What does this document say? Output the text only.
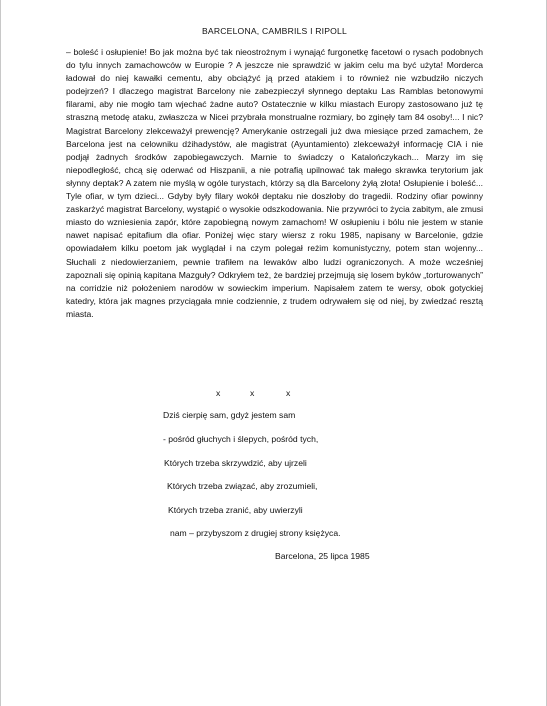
BARCELONA, CAMBRILS I RIPOLL

– boleść i osłupienie! Bo jak można być tak nieostrożnym i wynająć furgonetkę facetowi o rysach podobnych do tylu innych zamachowców w Europie ? A jeszcze nie sprawdzić w jakim celu ma być użyta! Morderca ładował do niej kawałki cementu, aby obciążyć ją przed atakiem i to również nie wzbudziło niczych podejrzeń? I dlaczego magistrat Barcelony nie zabezpieczył słynnego deptaku Las Ramblas betonowymi filarami, aby nie mogło tam wjechać żadne auto? Ostatecznie w kilku miastach Europy zastosowano już tę straszną metodę ataku, zwłaszcza w Nicei przybrała monstrualne rozmiary, bo zginęły tam 84 osoby!... I nic? Magistrat Barcelony zlekceważył prewencję? Amerykanie ostrzegali już dwa miesiące przed zamachem, że Barcelona jest na celowniku dżihadystów, ale magistrat (Ayuntamiento) zlekceważył informację CIA i nie podjął żadnych środków zapobiegawczych. Marnie to świadczy o Katalończykach... Marzy im się niepodległość, chcą się oderwać od Hiszpanii, a nie potrafią upilnować tak małego skrawka terytorium jak słynny deptak? A zatem nie myślą w ogóle turystach, którzy są dla Barcelony żyłą złota! Osłupienie i boleść... Tyle ofiar, w tym dzieci... Gdyby były filary wokół deptaku nie doszłoby do tragedii. Rodziny ofiar powinny zaskarżyć magistrat Barcelony, wystąpić o wysokie odszkodowania. Nie przywróci to życia zabitym, ale zmusi miasto do wzniesienia zapór, które zapobiegną nowym zamachom! W osłupieniu i bólu nie jestem w stanie nawet napisać epitafium dla ofiar. Poniżej więc stary wiersz z roku 1985, napisany w Barcelonie, gdzie opowiadałem kilku poetom jak wyglądał i na czym polegał reżim komunistyczny, potem stan wojenny... Słuchali z niedowierzaniem, pewnie trafiłem na lewaków albo ludzi ograniczonych. A może wcześniej zapoznali się opinią kapitana Mazguły? Odkryłem też, że bardziej przejmują się losem byków „torturowanych” na corridzie niż położeniem narodów w sowieckim imperium. Napisałem zatem te wersy, obok gotyckiej katedry, która jak magnes przyciągała mnie codziennie, z trudem odrywałem się od niej, by zwiedzać resztą miasta.

x	x	x
Dziś cierpię sam, gdyż jestem sam
- pośród głuchych i ślepych, pośród tych,
Których trzeba skrzywdzić, aby ujrzeli
Których trzeba związać, aby zrozumieli,
Których trzeba zranić, aby uwierzyli
nam – przybyszom z drugiej strony księżyca.
Barcelona, 25 lipca 1985
